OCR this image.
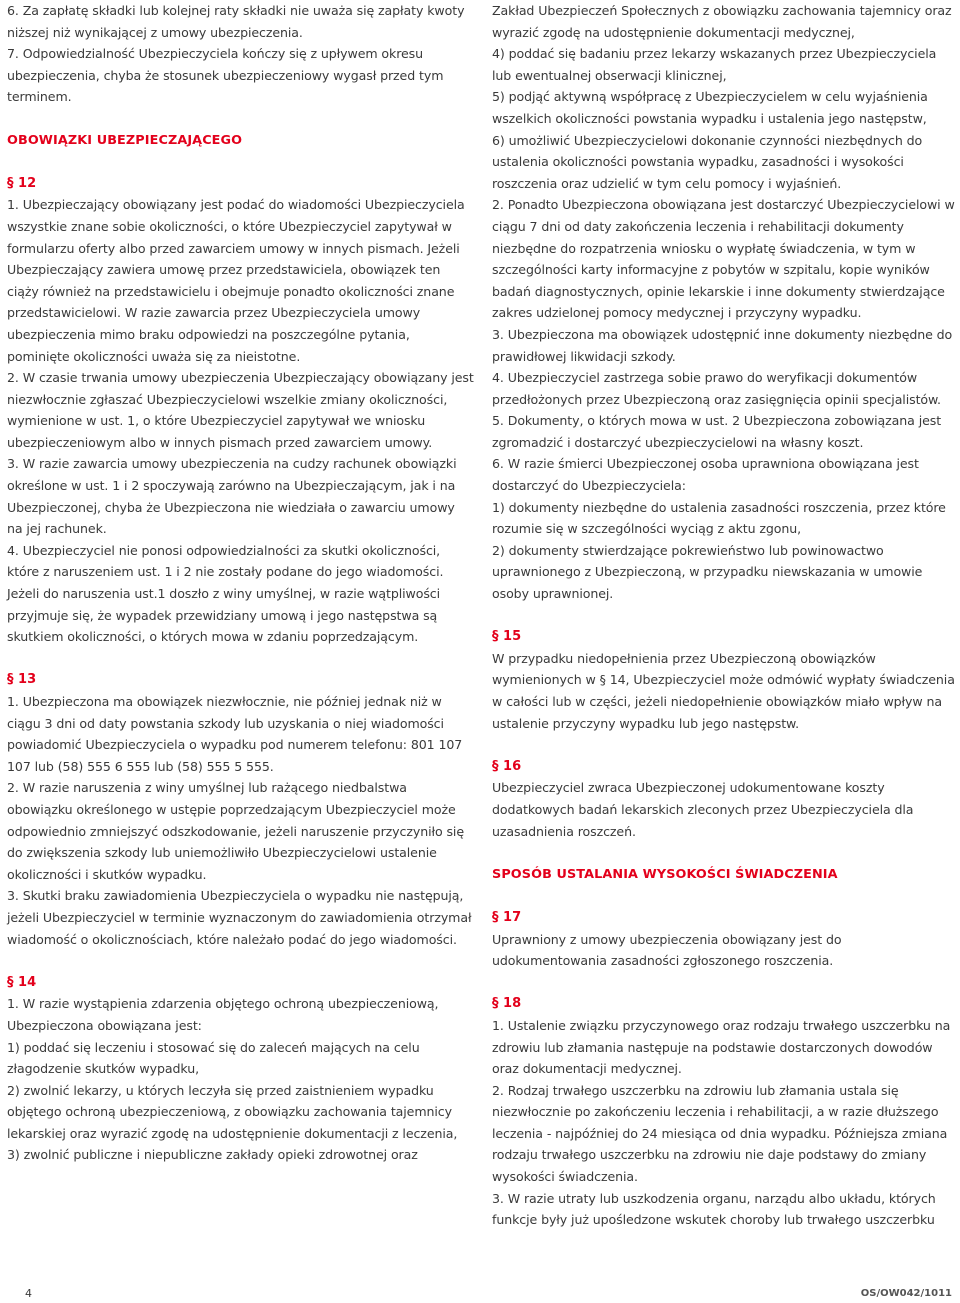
6. Za zapłatę składki lub kolejnej raty składki nie uważa się zapłaty kwoty niższej niż wynikającej z umowy ubezpieczenia.

7. Odpowiedzialność Ubezpieczyciela kończy się z upływem okresu ubezpieczenia, chyba że stosunek ubezpieczeniowy wygasł przed tym terminem.

OBOWIĄZKI UBEZPIECZAJĄCEGO
§ 12

1. Ubezpieczający obowiązany jest podać do wiadomości Ubezpieczyciela wszystkie znane sobie okoliczności, o które Ubezpieczyciel zapytywał w formularzu oferty albo przed zawarciem umowy w innych pismach. Jeżeli Ubezpieczający zawiera umowę przez przedstawiciela, obowiązek ten ciąży również na przedstawicielu i obejmuje ponadto okoliczności znane przedstawicielowi. W razie zawarcia przez Ubezpieczyciela umowy ubezpieczenia mimo braku odpowiedzi na poszczególne pytania, pominięte okoliczności uważa się za nieistotne.

2. W czasie trwania umowy ubezpieczenia Ubezpieczający obowiązany jest niezwłocznie zgłaszać Ubezpieczycielowi wszelkie zmiany okoliczności, wymienione w ust. 1, o które Ubezpieczyciel zapytywał we wniosku ubezpieczeniowym albo w innych pismach przed zawarciem umowy.

3. W razie zawarcia umowy ubezpieczenia na cudzy rachunek obowiązki określone w ust. 1 i 2 spoczywają zarówno na Ubezpieczającym, jak i na Ubezpieczonej, chyba że Ubezpieczona nie wiedziała o zawarciu umowy na jej rachunek.

4. Ubezpieczyciel nie ponosi odpowiedzialności za skutki okoliczności, które z naruszeniem ust. 1 i 2 nie zostały podane do jego wiadomości. Jeżeli do naruszenia ust.1 doszło z winy umyślnej, w razie wątpliwości przyjmuje się, że wypadek przewidziany umową i jego następstwa są skutkiem okoliczności, o których mowa w zdaniu poprzedzającym.

§ 13

1. Ubezpieczona ma obowiązek niezwłocznie, nie później jednak niż w ciągu 3 dni od daty powstania szkody lub uzyskania o niej wiadomości powiadomić Ubezpieczyciela o wypadku pod numerem telefonu: 801 107 107 lub (58) 555 6 555 lub (58) 555 5 555.

2. W razie naruszenia z winy umyślnej lub rażącego niedbalstwa obowiązku określonego w ustępie poprzedzającym Ubezpieczyciel może odpowiednio zmniejszyć odszkodowanie, jeżeli naruszenie przyczyniło się do zwiększenia szkody lub uniemożliwiło Ubezpieczycielowi ustalenie okoliczności i skutków wypadku.

3. Skutki braku zawiadomienia Ubezpieczyciela o wypadku nie następują, jeżeli Ubezpieczyciel w terminie wyznaczonym do zawiadomienia otrzymał wiadomość o okolicznościach, które należało podać do jego wiadomości.

§ 14

1. W razie wystąpienia zdarzenia objętego ochroną ubezpieczeniową, Ubezpieczona obowiązana jest:

1) poddać się leczeniu i stosować się do zaleceń mających na celu złagodzenie skutków wypadku,

2) zwolnić lekarzy, u których leczyła się przed zaistnieniem wypadku objętego ochroną ubezpieczeniową, z obowiązku zachowania tajemnicy lekarskiej oraz wyrazić zgodę na udostępnienie dokumentacji z leczenia,

3) zwolnić publiczne i niepubliczne zakłady opieki zdrowotnej oraz

Zakład Ubezpieczeń Społecznych z obowiązku zachowania tajemnicy oraz wyrazić zgodę na udostępnienie dokumentacji medycznej,

4) poddać się badaniu przez lekarzy wskazanych przez Ubezpieczyciela lub ewentualnej obserwacji klinicznej,

5) podjąć aktywną współpracę z Ubezpieczycielem w celu wyjaśnienia wszelkich okoliczności powstania wypadku i ustalenia jego następstw,

6) umożliwić Ubezpieczycielowi dokonanie czynności niezbędnych do ustalenia okoliczności powstania wypadku, zasadności i wysokości roszczenia oraz udzielić w tym celu pomocy i wyjaśnień.

2. Ponadto Ubezpieczona obowiązana jest dostarczyć Ubezpieczycielowi w ciągu 7 dni od daty zakończenia leczenia i rehabilitacji dokumenty niezbędne do rozpatrzenia wniosku o wypłatę świadczenia, w tym w szczególności karty informacyjne z pobytów w szpitalu, kopie wyników badań diagnostycznych, opinie lekarskie i inne dokumenty stwierdzające zakres udzielonej pomocy medycznej i przyczyny wypadku.

3. Ubezpieczona ma obowiązek udostępnić inne dokumenty niezbędne do prawidłowej likwidacji szkody.

4. Ubezpieczyciel zastrzega sobie prawo do weryfikacji dokumentów przedłożonych przez Ubezpieczoną oraz zasięgnięcia opinii specjalistów.

5. Dokumenty, o których mowa w ust. 2 Ubezpieczona zobowiązana jest zgromadzić i dostarczyć ubezpieczycielowi na własny koszt.

6. W razie śmierci Ubezpieczonej osoba uprawniona obowiązana jest dostarczyć do Ubezpieczyciela:

1) dokumenty niezbędne do ustalenia zasadności roszczenia, przez które rozumie się w szczególności wyciąg z aktu zgonu,

2) dokumenty stwierdzające pokrewieństwo lub powinowactwo uprawnionego z Ubezpieczoną, w przypadku niewskazania w umowie osoby uprawnionej.

§ 15

W przypadku niedopełnienia przez Ubezpieczoną obowiązków wymienionych w § 14, Ubezpieczyciel może odmówić wypłaty świadczenia w całości lub w części, jeżeli niedopełnienie obowiązków miało wpływ na ustalenie przyczyny wypadku lub jego następstw.

§ 16

Ubezpieczyciel zwraca Ubezpieczonej udokumentowane koszty dodatkowych badań lekarskich zleconych przez Ubezpieczyciela dla uzasadnienia roszczeń.

SPOSÓB USTALANIA WYSOKOŚCI ŚWIADCZENIA
§ 17

Uprawniony z umowy ubezpieczenia obowiązany jest do udokumentowania zasadności zgłoszonego roszczenia.

§ 18

1. Ustalenie związku przyczynowego oraz rodzaju trwałego uszczerbku na zdrowiu lub złamania następuje na podstawie dostarczonych dowodów oraz dokumentacji medycznej.

2. Rodzaj trwałego uszczerbku na zdrowiu lub złamania ustala się niezwłocznie po zakończeniu leczenia i rehabilitacji, a w razie dłuższego leczenia - najpóźniej do 24 miesiąca od dnia wypadku. Późniejsza zmiana rodzaju trwałego uszczerbku na zdrowiu nie daje podstawy do zmiany wysokości świadczenia.

3. W razie utraty lub uszkodzenia organu, narządu albo układu, których funkcje były już upośledzone wskutek choroby lub trwałego uszczerbku

4	OS/OW042/1011
